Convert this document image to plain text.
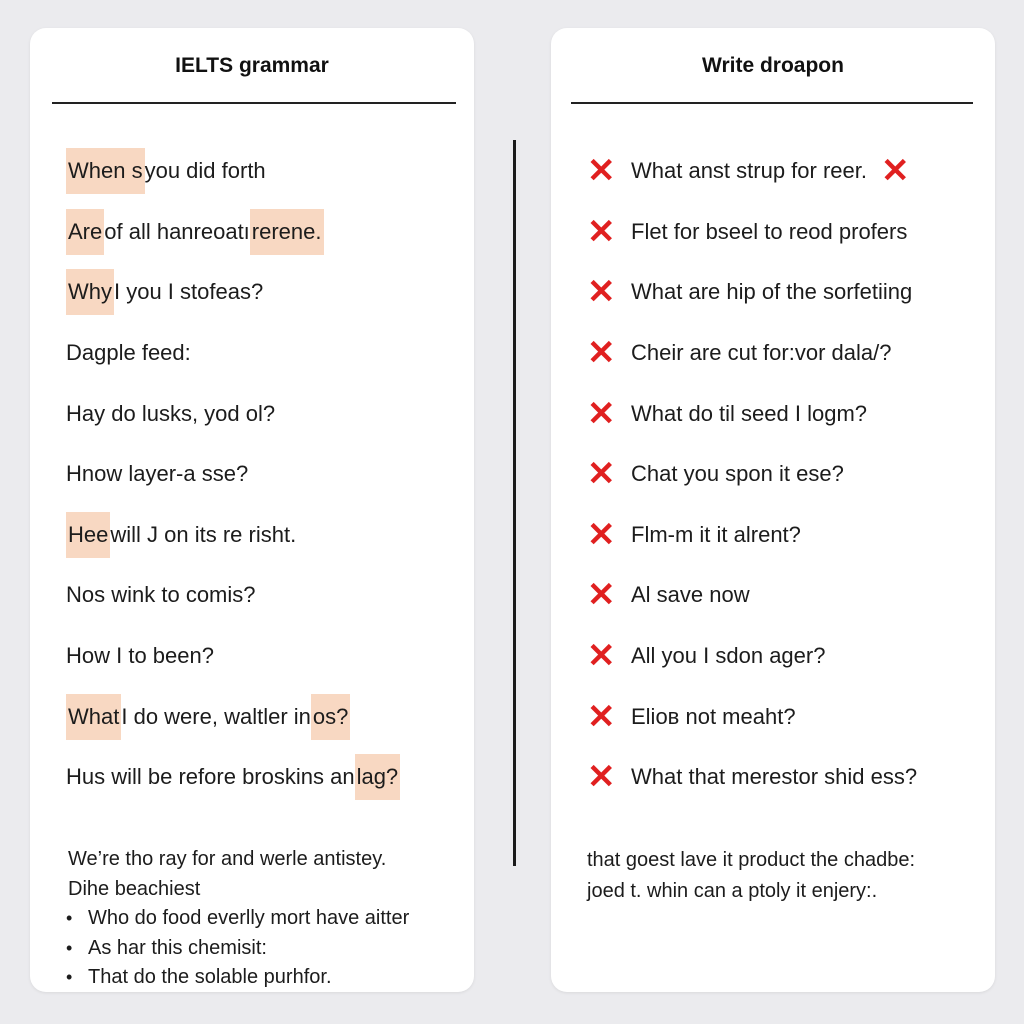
IELTS grammar
When s you did forth
Are of all hanreoatı rerene.
Why I you I stofeas?
Dagple feed:
Hay do lusks, yod ol?
Hnow layer-a sse?
Hee will J on its re risht.
Nos wink to comis?
How I to been?
What I do were, waltler in os?
Hus will be refore broskins an lag?
We’re tho ray for and werle antistey.
Dihe beachiest
• Who do food everlly mort have aitter
• As har this chemisit:
• That do the solable purhfor.
Write droapon
✕ What anst strup for reer. ✕
✕ Flet for bseel to reod profers
✕ What are hip of the sorfetiing
✕ Cheir are cut for:vor dala/?
✕ What do til seed I logm?
✕ Chat you spon it ese?
✕ Flm-m it it alrent?
✕ Al save now
✕ All you I sdon ager?
✕ Elioв not meaht?
✕ What that merestor shid ess?
that goest lave it product the chadbe:
joed t. whin can a ptoly it enjery:.
